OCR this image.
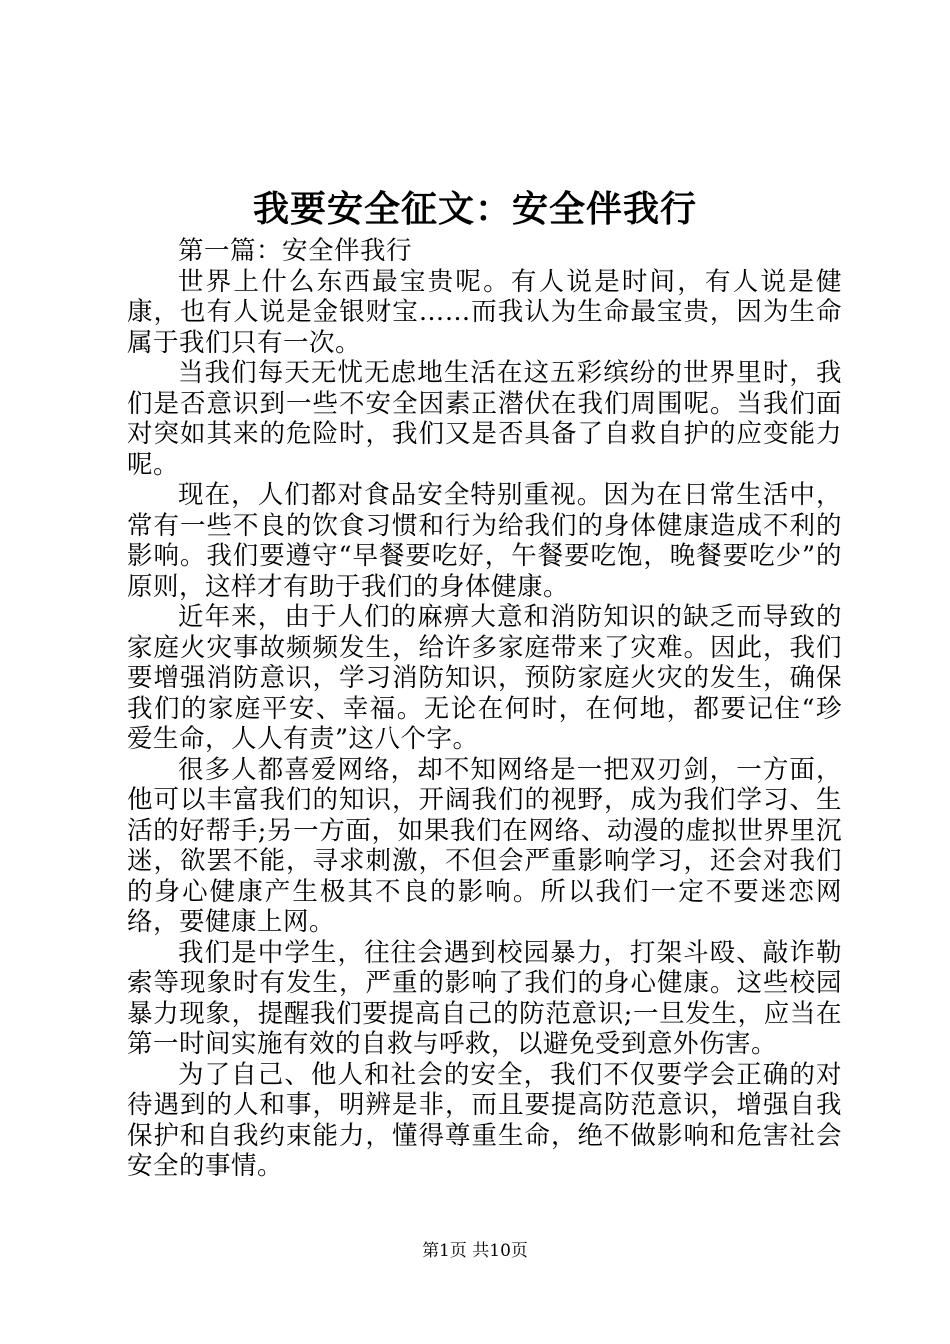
我要安全征文：安全伴我行

第一篇：安全伴我行

世界上什么东西最宝贵呢。有人说是时间，有人说是健康，也有人说是金银财宝……而我认为生命最宝贵，因为生命属于我们只有一次。

当我们每天无忧无虑地生活在这五彩缤纷的世界里时，我们是否意识到一些不安全因素正潜伏在我们周围呢。当我们面对突如其来的危险时，我们又是否具备了自救自护的应变能力呢。

现在，人们都对食品安全特别重视。因为在日常生活中，常有一些不良的饮食习惯和行为给我们的身体健康造成不利的影响。我们要遵守“早餐要吃好，午餐要吃饱，晚餐要吃少”的原则，这样才有助于我们的身体健康。

近年来，由于人们的麻痹大意和消防知识的缺乏而导致的家庭火灾事故频频发生，给许多家庭带来了灾难。因此，我们要增强消防意识，学习消防知识，预防家庭火灾的发生，确保我们的家庭平安、幸福。无论在何时，在何地，都要记住“珍爱生命，人人有责”这八个字。

很多人都喜爱网络，却不知网络是一把双刃剑，一方面，他可以丰富我们的知识，开阔我们的视野，成为我们学习、生活的好帮手;另一方面，如果我们在网络、动漫的虚拟世界里沉迷，欲罢不能，寻求刺激，不但会严重影响学习，还会对我们的身心健康产生极其不良的影响。所以我们一定不要迷恋网络，要健康上网。

我们是中学生，往往会遇到校园暴力，打架斗殴、敲诈勒索等现象时有发生，严重的影响了我们的身心健康。这些校园暴力现象，提醒我们要提高自己的防范意识;一旦发生，应当在第一时间实施有效的自救与呼救，以避免受到意外伤害。

为了自己、他人和社会的安全，我们不仅要学会正确的对待遇到的人和事，明辨是非，而且要提高防范意识，增强自我保护和自我约束能力，懂得尊重生命，绝不做影响和危害社会安全的事情。

第1页 共10页
